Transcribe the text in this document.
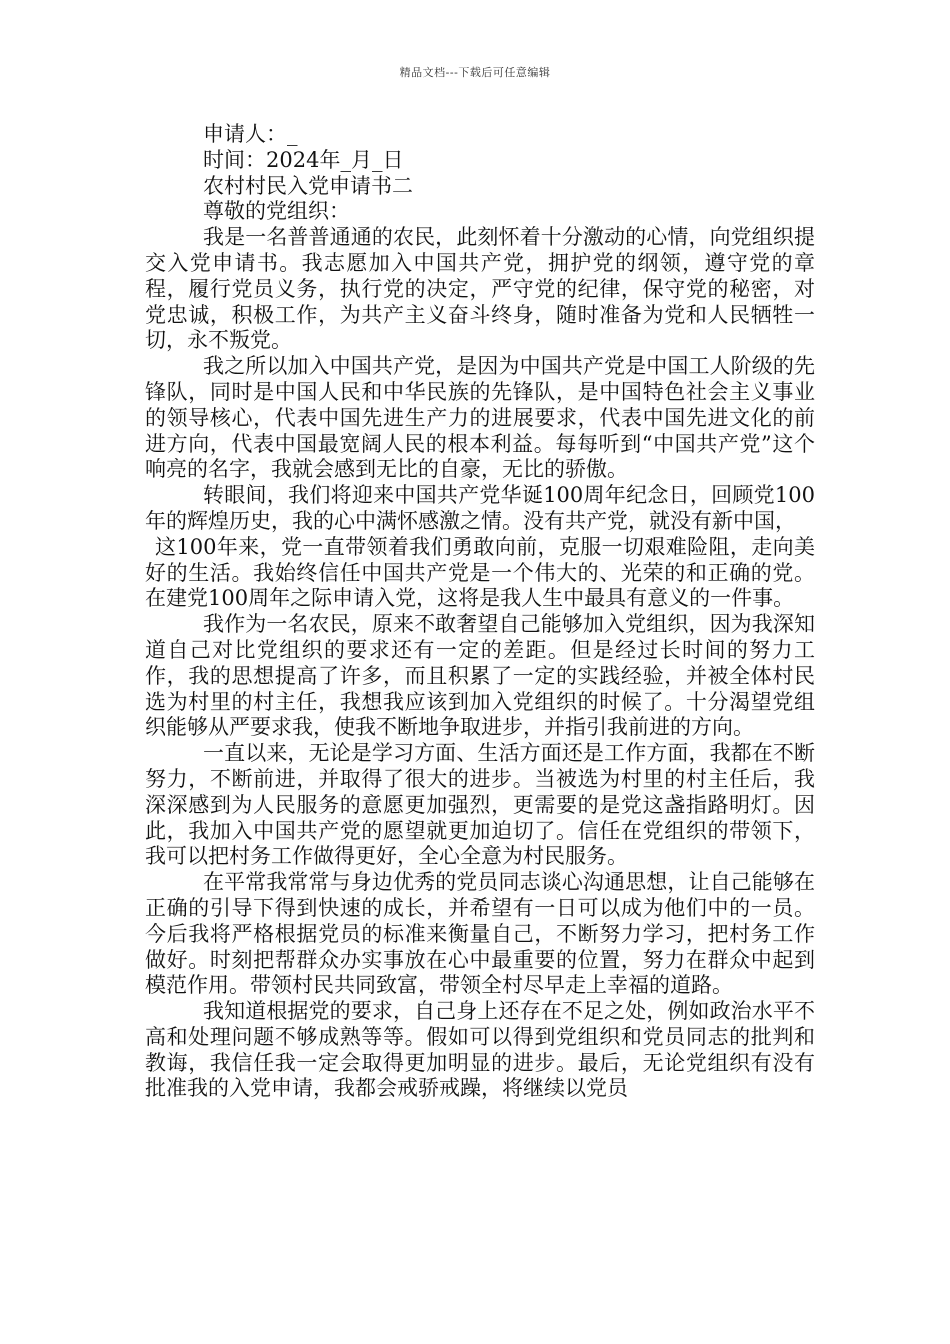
精品文档---下载后可任意编辑

申请人：_

时间：2024年_月_日

农村村民入党申请书二

尊敬的党组织：

我是一名普普通通的农民，此刻怀着十分激动的心情，向党组织提交入党申请书。我志愿加入中国共产党，拥护党的纲领，遵守党的章程，履行党员义务，执行党的决定，严守党的纪律，保守党的秘密，对党忠诚，积极工作，为共产主义奋斗终身，随时准备为党和人民牺牲一切，永不叛党。

我之所以加入中国共产党，是因为中国共产党是中国工人阶级的先锋队，同时是中国人民和中华民族的先锋队，是中国特色社会主义事业的领导核心，代表中国先进生产力的进展要求，代表中国先进文化的前进方向，代表中国最宽阔人民的根本利益。每每听到“中国共产党”这个响亮的名字，我就会感到无比的自豪，无比的骄傲。

转眼间，我们将迎来中国共产党华诞100周年纪念日，回顾党100年的辉煌历史，我的心中满怀感激之情。没有共产党，就没有新中国，

这100年来，党一直带领着我们勇敢向前，克服一切艰难险阻，走向美好的生活。我始终信任中国共产党是一个伟大的、光荣的和正确的党。在建党100周年之际申请入党，这将是我人生中最具有意义的一件事。

我作为一名农民，原来不敢奢望自己能够加入党组织，因为我深知道自己对比党组织的要求还有一定的差距。但是经过长时间的努力工作，我的思想提高了许多，而且积累了一定的实践经验，并被全体村民选为村里的村主任，我想我应该到加入党组织的时候了。十分渴望党组织能够从严要求我，使我不断地争取进步，并指引我前进的方向。

一直以来，无论是学习方面、生活方面还是工作方面，我都在不断努力，不断前进，并取得了很大的进步。当被选为村里的村主任后，我深深感到为人民服务的意愿更加强烈，更需要的是党这盏指路明灯。因此，我加入中国共产党的愿望就更加迫切了。信任在党组织的带领下，我可以把村务工作做得更好，全心全意为村民服务。

在平常我常常与身边优秀的党员同志谈心沟通思想，让自己能够在正确的引导下得到快速的成长，并希望有一日可以成为他们中的一员。今后我将严格根据党员的标准来衡量自己，不断努力学习，把村务工作做好。时刻把帮群众办实事放在心中最重要的位置，努力在群众中起到模范作用。带领村民共同致富，带领全村尽早走上幸福的道路。

我知道根据党的要求，自己身上还存在不足之处，例如政治水平不高和处理问题不够成熟等等。假如可以得到党组织和党员同志的批判和教诲，我信任我一定会取得更加明显的进步。最后，无论党组织有没有批准我的入党申请，我都会戒骄戒躁，将继续以党员
